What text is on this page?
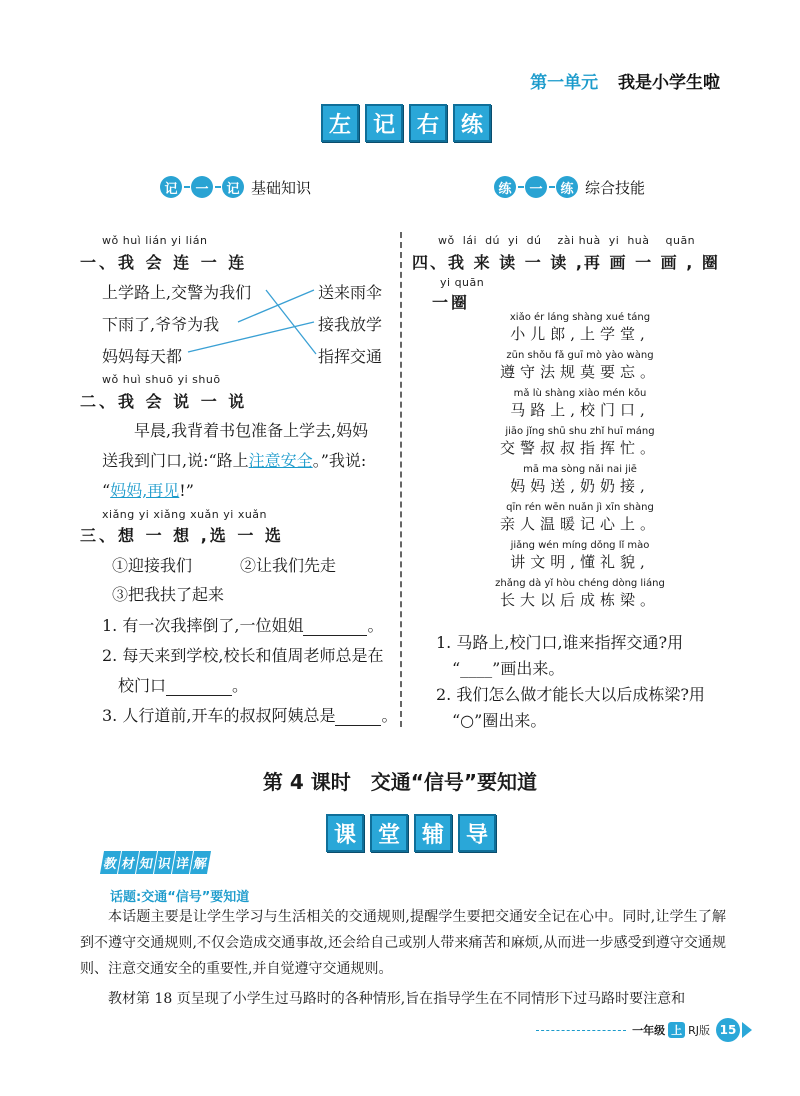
第一单元 我是小学生啦
左 记 右 练
记	一	记 基础知识	练	一	练 综合技能
wǒ huì lián yi lián
一、我 会 连 一 连
上学路上,交警为我们
下雨了,爷爷为我
妈妈每天都
送来雨伞
接我放学
指挥交通
wǒ huì shuō yi shuō
二、我 会 说 一 说
早晨,我背着书包准备上学去,妈妈
送我到门口,说:“路上注意安全。”我说:
“妈妈,再见!”
xiǎng yi xiǎng xuǎn yi xuǎn
三、想 一 想 ,选 一 选
①迎接我们	②让我们先走
③把我扶了起来
1. 有一次我摔倒了,一位姐姐	。
2. 每天来到学校,校长和值周老师总是在
校门口	。
3. 人行道前,开车的叔叔阿姨总是	。
wǒ  lái  dú  yi  dú    zài huà  yi  huà    quān
四、我 来 读 一 读 ,再 画 一 画 , 圈
yi quān
一圈
xiǎo ér láng shàng xué táng
小儿郎,上学堂,
zūn shǒu fǎ guī mò yào wàng
遵守法规莫要忘。
mǎ lù shàng xiào mén kǒu
马路上,校门口,
jiāo jǐng shū shu zhǐ huī máng
交警叔叔指挥忙。
mā ma sòng nǎi nai jiē
妈妈送,奶奶接,
qīn rén wēn nuǎn jì xīn shàng
亲人温暖记心上。
jiǎng wén míng dǒng lǐ mào
讲文明,懂礼貌,
zhǎng dà yǐ hòu chéng dòng liáng
长大以后成栋梁。
1. 马路上,校门口,谁来指挥交通?用
“____”画出来。
2. 我们怎么做才能长大以后成栋梁?用
“○”圈出来。
第 4 课时　交通“信号”要知道
课 堂 辅 导
教 材 知 识 详 解
话题:交通“信号”要知道
本话题主要是让学生学习与生活相关的交通规则,提醒学生要把交通安全记在心中。同时,让学生了解到不遵守交通规则,不仅会造成交通事故,还会给自己或别人带来痛苦和麻烦,从而进一步感受到遵守交通规则、注意交通安全的重要性,并自觉遵守交通规则。
教材第 18 页呈现了小学生过马路时的各种情形,旨在指导学生在不同情形下过马路时要注意和
一年级 上 RJ版 15
